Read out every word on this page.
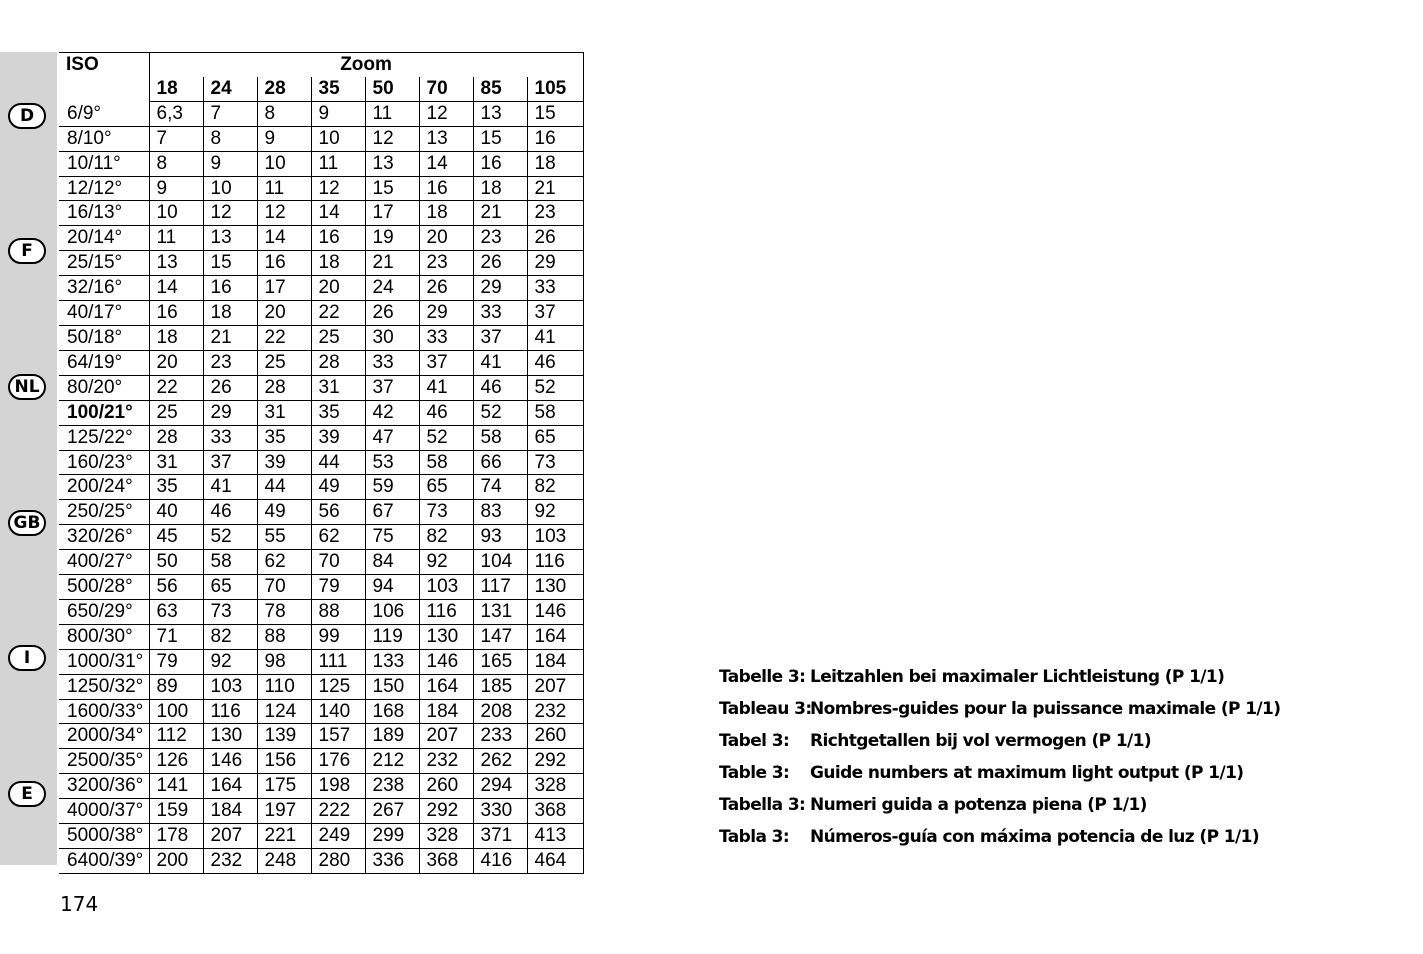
D
F
NL
GB
I
E
ISO	Zoom							
	18	24	28	35	50	70	85	105
6/9°	6,3	7	8	9	11	12	13	15
8/10°	7	8	9	10	12	13	15	16
10/11°	8	9	10	11	13	14	16	18
12/12°	9	10	11	12	15	16	18	21
16/13°	10	12	12	14	17	18	21	23
20/14°	11	13	14	16	19	20	23	26
25/15°	13	15	16	18	21	23	26	29
32/16°	14	16	17	20	24	26	29	33
40/17°	16	18	20	22	26	29	33	37
50/18°	18	21	22	25	30	33	37	41
64/19°	20	23	25	28	33	37	41	46
80/20°	22	26	28	31	37	41	46	52
100/21°	25	29	31	35	42	46	52	58
125/22°	28	33	35	39	47	52	58	65
160/23°	31	37	39	44	53	58	66	73
200/24°	35	41	44	49	59	65	74	82
250/25°	40	46	49	56	67	73	83	92
320/26°	45	52	55	62	75	82	93	103
400/27°	50	58	62	70	84	92	104	116
500/28°	56	65	70	79	94	103	117	130
650/29°	63	73	78	88	106	116	131	146
800/30°	71	82	88	99	119	130	147	164
1000/31°	79	92	98	111	133	146	165	184
1250/32°	89	103	110	125	150	164	185	207
1600/33°	100	116	124	140	168	184	208	232
2000/34°	112	130	139	157	189	207	233	260
2500/35°	126	146	156	176	212	232	262	292
3200/36°	141	164	175	198	238	260	294	328
4000/37°	159	184	197	222	267	292	330	368
5000/38°	178	207	221	249	299	328	371	413
6400/39°	200	232	248	280	336	368	416	464
Tabelle 3: Leitzahlen bei maximaler Lichtleistung (P 1/1)
Tableau 3:
Nombres-guides pour la puissance maximale (P 1/1)
Tabel 3:	Richtgetallen bij vol vermogen (P 1/1)
Table 3:	Guide numbers at maximum light output (P 1/1)
Tabella 3: Numeri guida a potenza piena (P 1/1)
Tabla 3:	Números-guía con máxima potencia de luz (P 1/1)
174
